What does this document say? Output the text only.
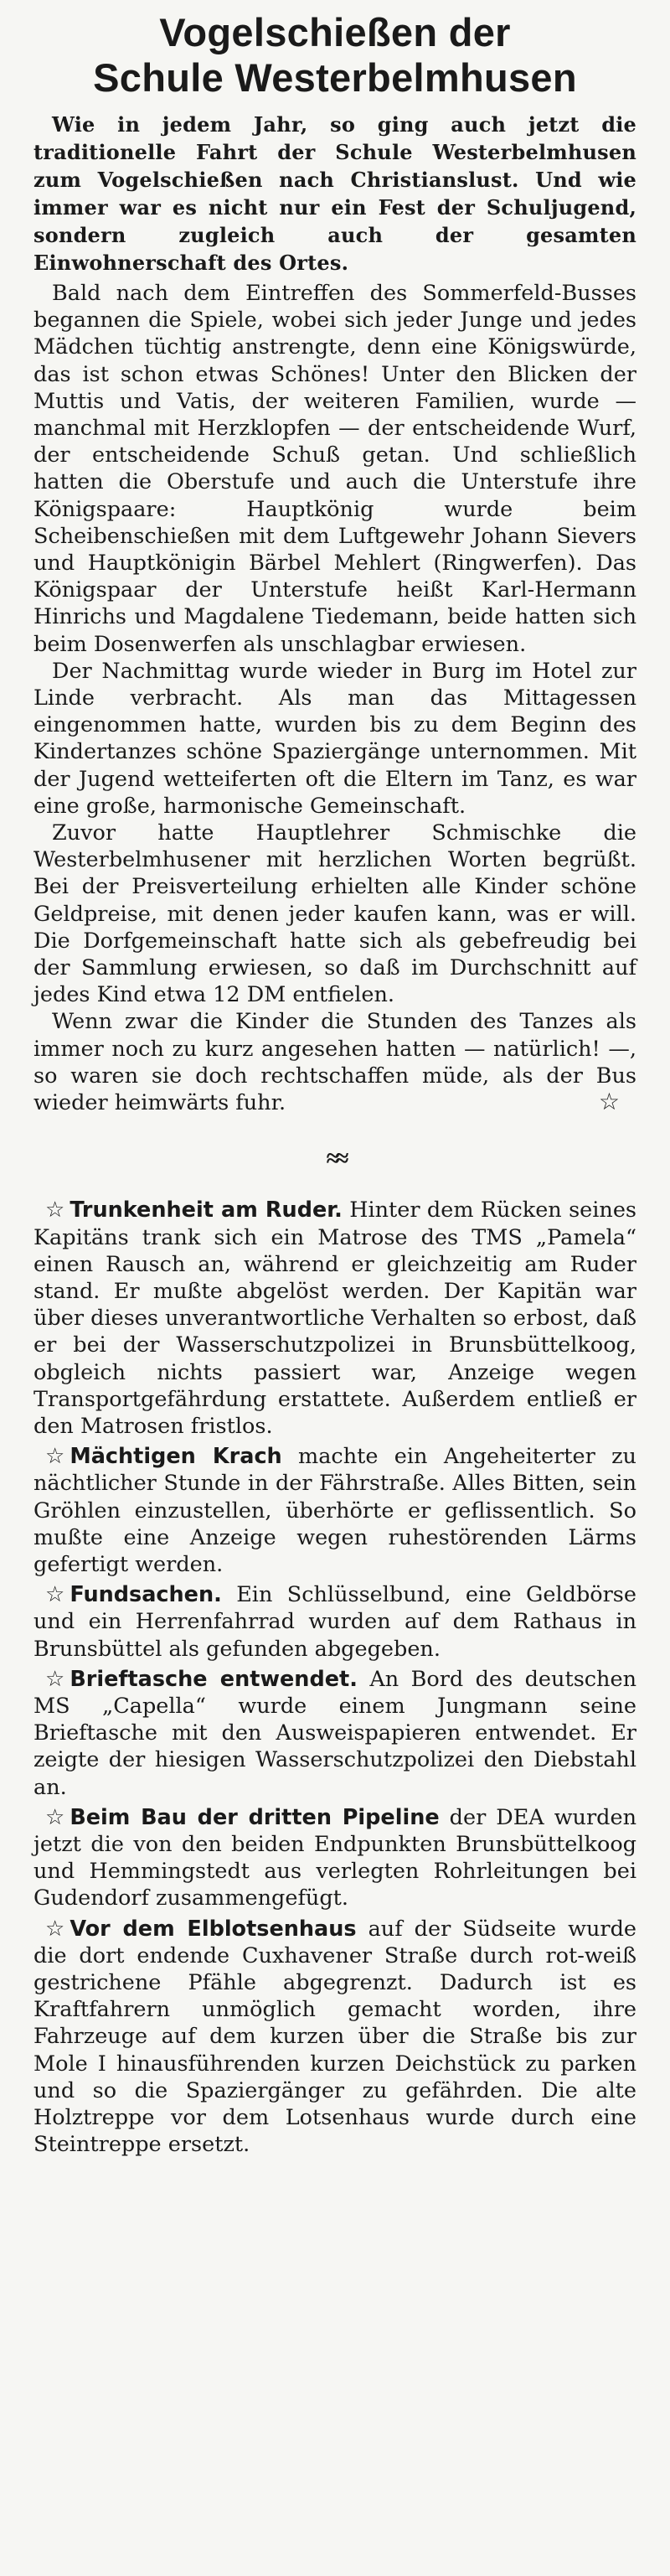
Vogelschießen der
Schule Westerbelmhusen

Wie in jedem Jahr, so ging auch jetzt die traditionelle Fahrt der Schule Westerbelmhusen zum Vogelschießen nach Christianslust. Und wie immer war es nicht nur ein Fest der Schuljugend, sondern zugleich auch der gesamten Einwohnerschaft des Ortes.

Bald nach dem Eintreffen des Sommerfeld-Busses begannen die Spiele, wobei sich jeder Junge und jedes Mädchen tüchtig anstrengte, denn eine Königswürde, das ist schon etwas Schönes! Unter den Blicken der Muttis und Vatis, der weiteren Familien, wurde — manchmal mit Herzklopfen — der entscheidende Wurf, der entscheidende Schuß getan. Und schließlich hatten die Oberstufe und auch die Unterstufe ihre Königspaare: Hauptkönig wurde beim Scheibenschießen mit dem Luftgewehr Johann Sievers und Hauptkönigin Bärbel Mehlert (Ringwerfen). Das Königspaar der Unterstufe heißt Karl-Hermann Hinrichs und Magdalene Tiedemann, beide hatten sich beim Dosenwerfen als unschlagbar erwiesen.

Der Nachmittag wurde wieder in Burg im Hotel zur Linde verbracht. Als man das Mittagessen eingenommen hatte, wurden bis zu dem Beginn des Kindertanzes schöne Spaziergänge unternommen. Mit der Jugend wetteiferten oft die Eltern im Tanz, es war eine große, harmonische Gemeinschaft.

Zuvor hatte Hauptlehrer Schmischke die Westerbelmhusener mit herzlichen Worten begrüßt. Bei der Preisverteilung erhielten alle Kinder schöne Geldpreise, mit denen jeder kaufen kann, was er will. Die Dorfgemeinschaft hatte sich als gebefreudig bei der Sammlung erwiesen, so daß im Durchschnitt auf jedes Kind etwa 12 DM entfielen.

Wenn zwar die Kinder die Stunden des Tanzes als immer noch zu kurz angesehen hatten — natürlich! —, so waren sie doch rechtschaffen müde, als der Bus wieder heimwärts fuhr.	☆
≈≈

☆ Trunkenheit am Ruder. Hinter dem Rücken seines Kapitäns trank sich ein Matrose des TMS „Pamela“ einen Rausch an, während er gleichzeitig am Ruder stand. Er mußte abgelöst werden. Der Kapitän war über dieses unverantwortliche Verhalten so erbost, daß er bei der Wasserschutzpolizei in Brunsbüttelkoog, obgleich nichts passiert war, Anzeige wegen Transportgefährdung erstattete. Außerdem entließ er den Matrosen fristlos.

☆ Mächtigen Krach machte ein Angeheiterter zu nächtlicher Stunde in der Fährstraße. Alles Bitten, sein Gröhlen einzustellen, überhörte er geflissentlich. So mußte eine Anzeige wegen ruhestörenden Lärms gefertigt werden.

☆ Fundsachen. Ein Schlüsselbund, eine Geldbörse und ein Herrenfahrrad wurden auf dem Rathaus in Brunsbüttel als gefunden abgegeben.

☆ Brieftasche entwendet. An Bord des deutschen MS „Capella“ wurde einem Jungmann seine Brieftasche mit den Ausweispapieren entwendet. Er zeigte der hiesigen Wasserschutzpolizei den Diebstahl an.

☆ Beim Bau der dritten Pipeline der DEA wurden jetzt die von den beiden Endpunkten Brunsbüttelkoog und Hemmingstedt aus verlegten Rohrleitungen bei Gudendorf zusammengefügt.

☆ Vor dem Elblotsenhaus auf der Südseite wurde die dort endende Cuxhavener Straße durch rot-weiß gestrichene Pfähle abgegrenzt. Dadurch ist es Kraftfahrern unmöglich gemacht worden, ihre Fahrzeuge auf dem kurzen über die Straße bis zur Mole I hinausführenden kurzen Deichstück zu parken und so die Spaziergänger zu gefährden. Die alte Holztreppe vor dem Lotsenhaus wurde durch eine Steintreppe ersetzt.
